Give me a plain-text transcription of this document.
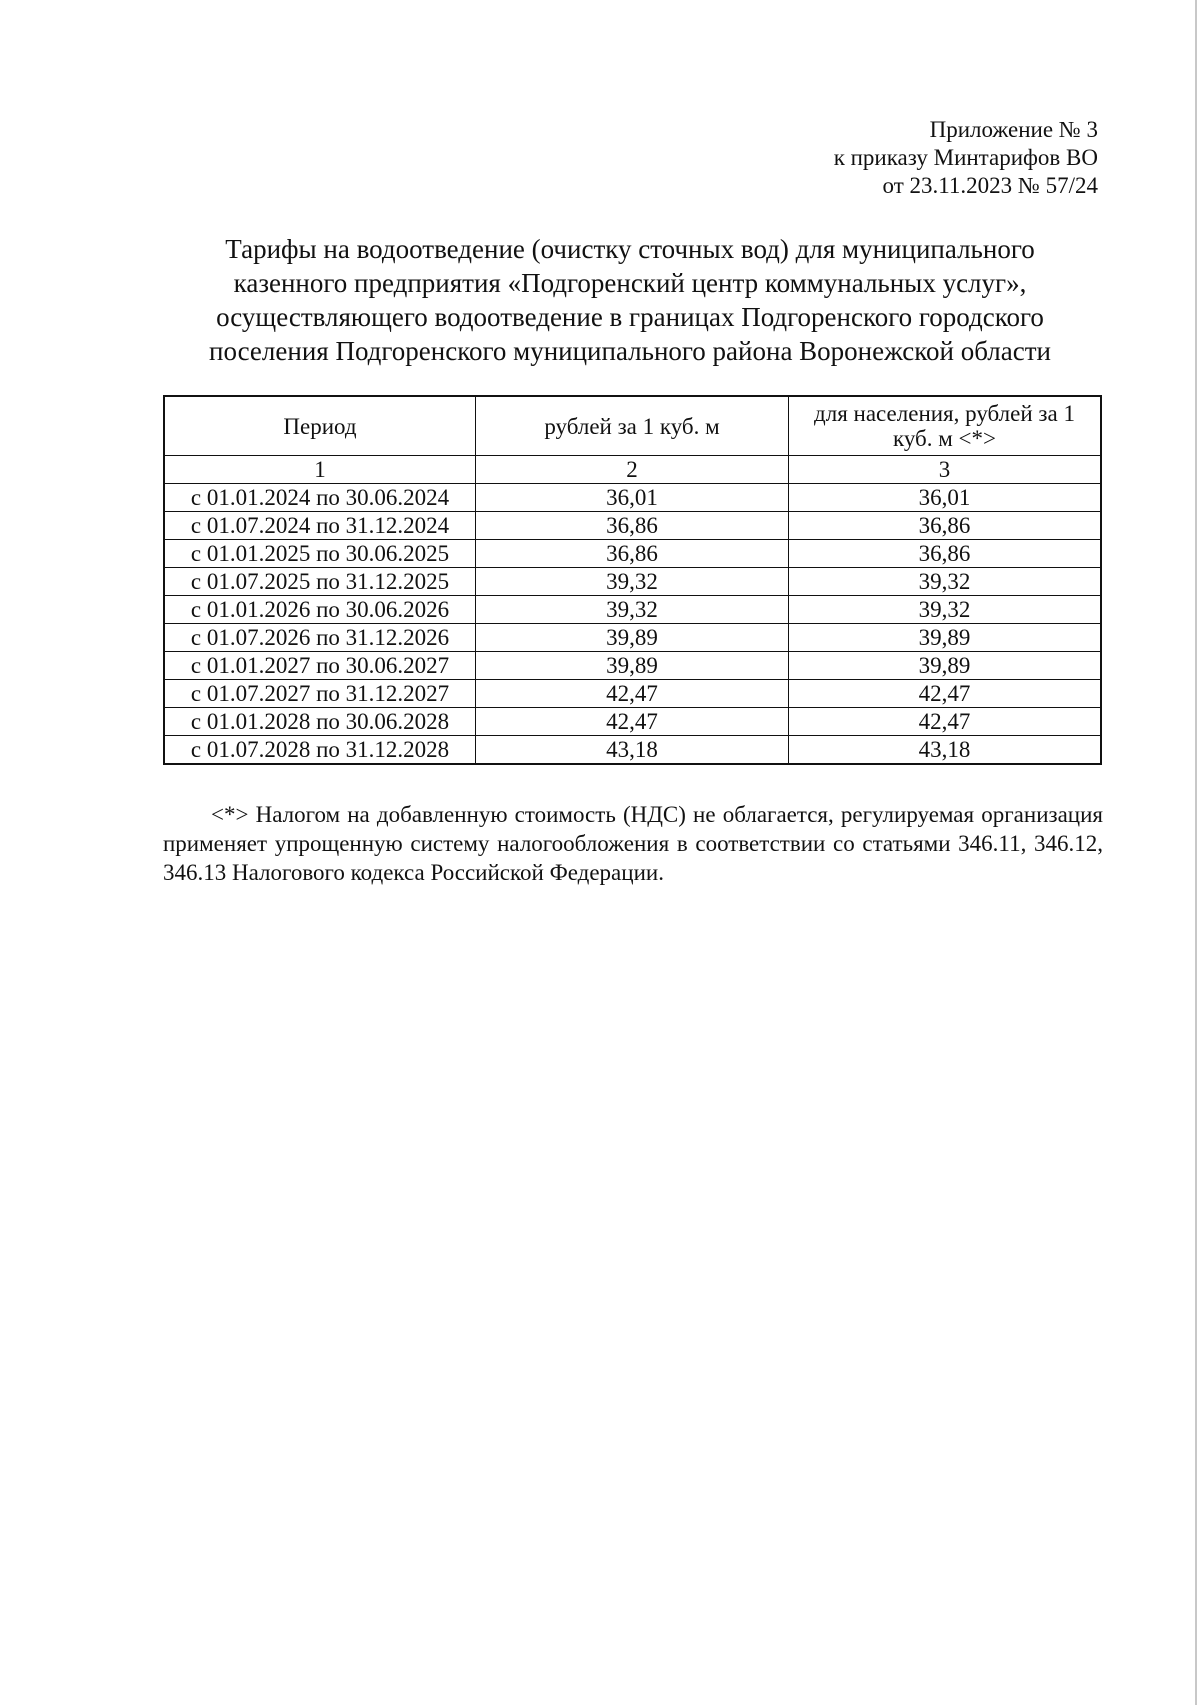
Приложение № 3
к приказу Минтарифов ВО
от 23.11.2023 № 57/24
Тарифы на водоотведение (очистку сточных вод) для муниципального
казенного предприятия «Подгоренский центр коммунальных услуг»,
осуществляющего водоотведение в границах Подгоренского городского
поселения Подгоренского муниципального района Воронежской области
Период	рублей за 1 куб. м	для населения, рублей за 1 куб. м <*>
1	2	3
с 01.01.2024 по 30.06.2024	36,01	36,01
с 01.07.2024 по 31.12.2024	36,86	36,86
с 01.01.2025 по 30.06.2025	36,86	36,86
с 01.07.2025 по 31.12.2025	39,32	39,32
с 01.01.2026 по 30.06.2026	39,32	39,32
с 01.07.2026 по 31.12.2026	39,89	39,89
с 01.01.2027 по 30.06.2027	39,89	39,89
с 01.07.2027 по 31.12.2027	42,47	42,47
с 01.01.2028 по 30.06.2028	42,47	42,47
с 01.07.2028 по 31.12.2028	43,18	43,18

<*> Налогом на добавленную стоимость (НДС) не облагается, регулируемая организация применяет упрощенную систему налогообложения в соответствии со статьями 346.11, 346.12, 346.13 Налогового кодекса Российской Федерации.
